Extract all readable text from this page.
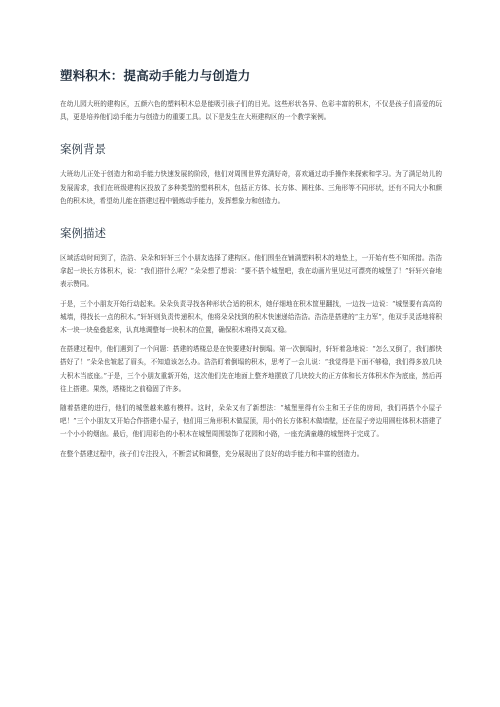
塑料积木：提高动手能力与创造力

在幼儿园大班的建构区，五颜六色的塑料积木总是能吸引孩子们的目光。这些形状各异、色彩丰富的积木，不仅是孩子们喜爱的玩具，更是培养他们动手能力与创造力的重要工具。以下是发生在大班建构区的一个教学案例。

案例背景

大班幼儿正处于创造力和动手能力快速发展的阶段，他们对周围世界充满好奇，喜欢通过动手操作来探索和学习。为了满足幼儿的发展需求，我们在班级建构区投放了多种类型的塑料积木，包括正方体、长方体、圆柱体、三角形等不同形状，还有不同大小和颜色的积木块，希望幼儿能在搭建过程中锻炼动手能力，发挥想象力和创造力。

案例描述

区域活动时间到了，浩浩、朵朵和轩轩三个小朋友选择了建构区。他们围坐在铺满塑料积木的地垫上，一开始有些不知所措。浩浩拿起一块长方体积木，说：“我们搭什么呢？”朵朵想了想说：“要不搭个城堡吧，我在动画片里见过可漂亮的城堡了！”轩轩兴奋地表示赞同。

于是，三个小朋友开始行动起来。朵朵负责寻找各种形状合适的积木，她仔细地在积木筐里翻找，一边找一边说：“城堡要有高高的城墙，得找长一点的积木。”轩轩则负责传递积木，他将朵朵找到的积木快速递给浩浩。浩浩是搭建的“主力军”，他双手灵活地将积木一块一块垒叠起来，认真地调整每一块积木的位置，确保积木堆得又高又稳。

在搭建过程中，他们遇到了一个问题：搭建的塔楼总是在快要建好时倒塌。第一次倒塌时，轩轩着急地说：“怎么又倒了，我们都快搭好了！”朵朵也皱起了眉头，不知道该怎么办。浩浩盯着倒塌的积木，思考了一会儿说：“我觉得是下面不够稳，我们得多放几块大积木当底座。”于是，三个小朋友重新开始，这次他们先在地面上整齐地摆放了几块较大的正方体和长方体积木作为底座，然后再往上搭建。果然，塔楼比之前稳固了许多。

随着搭建的进行，他们的城堡越来越有模样。这时，朵朵又有了新想法：“城堡里得有公主和王子住的房间，我们再搭个小屋子吧！”三个小朋友又开始合作搭建小屋子，他们用三角形积木做屋顶，用小的长方体积木做墙壁，还在屋子旁边用圆柱体积木搭建了一个小小的烟囱。最后，他们用彩色的小积木在城堡周围装饰了花园和小路，一座充满童趣的城堡终于完成了。

在整个搭建过程中，孩子们专注投入，不断尝试和调整，充分展现出了良好的动手能力和丰富的创造力。
